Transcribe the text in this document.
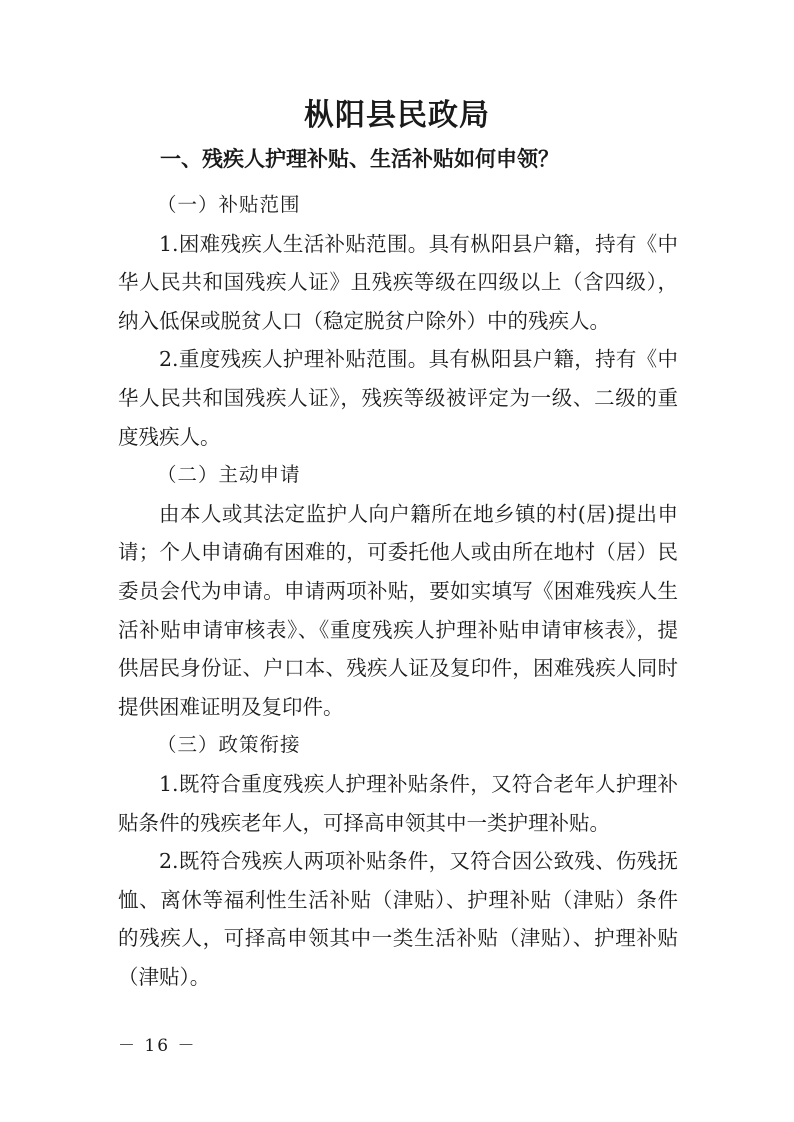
枞阳县民政局
一、残疾人护理补贴、生活补贴如何申领？

（一）补贴范围

1.困难残疾人生活补贴范围。具有枞阳县户籍，持有《中华人民共和国残疾人证》且残疾等级在四级以上（含四级），纳入低保或脱贫人口（稳定脱贫户除外）中的残疾人。

2.重度残疾人护理补贴范围。具有枞阳县户籍，持有《中华人民共和国残疾人证》，残疾等级被评定为一级、二级的重度残疾人。

（二）主动申请

由本人或其法定监护人向户籍所在地乡镇的村(居)提出申请；个人申请确有困难的，可委托他人或由所在地村（居）民委员会代为申请。申请两项补贴，要如实填写《困难残疾人生活补贴申请审核表》、《重度残疾人护理补贴申请审核表》，提供居民身份证、户口本、残疾人证及复印件，困难残疾人同时提供困难证明及复印件。

（三）政策衔接

1.既符合重度残疾人护理补贴条件，又符合老年人护理补贴条件的残疾老年人，可择高申领其中一类护理补贴。

2.既符合残疾人两项补贴条件，又符合因公致残、伤残抚恤、离休等福利性生活补贴（津贴）、护理补贴（津贴）条件的残疾人，可择高申领其中一类生活补贴（津贴）、护理补贴（津贴）。

－ 16 －
